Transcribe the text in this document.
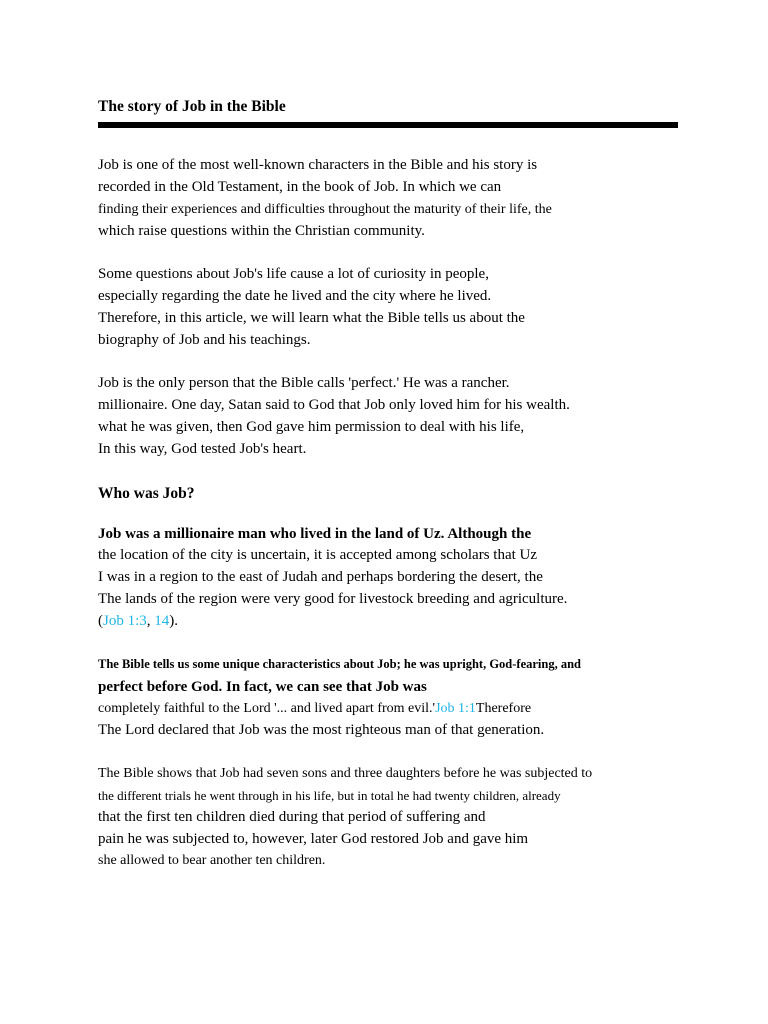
The story of Job in the Bible
Job is one of the most well-known characters in the Bible and his story is
recorded in the Old Testament, in the book of Job. In which we can
finding their experiences and difficulties throughout the maturity of their life, the
which raise questions within the Christian community.
Some questions about Job's life cause a lot of curiosity in people,
especially regarding the date he lived and the city where he lived.
Therefore, in this article, we will learn what the Bible tells us about the
biography of Job and his teachings.
Job is the only person that the Bible calls 'perfect.' He was a rancher.
millionaire. One day, Satan said to God that Job only loved him for his wealth.
what he was given, then God gave him permission to deal with his life,
In this way, God tested Job's heart.
Who was Job?
Job was a millionaire man who lived in the land of Uz. Although the
the location of the city is uncertain, it is accepted among scholars that Uz
I was in a region to the east of Judah and perhaps bordering the desert, the
The lands of the region were very good for livestock breeding and agriculture.
(Job 1:3, 14).
The Bible tells us some unique characteristics about Job; he was upright, God-fearing, and
perfect before God. In fact, we can see that Job was
completely faithful to the Lord '... and lived apart from evil.'Job 1:1Therefore
The Lord declared that Job was the most righteous man of that generation.
The Bible shows that Job had seven sons and three daughters before he was subjected to
the different trials he went through in his life, but in total he had twenty children, already
that the first ten children died during that period of suffering and
pain he was subjected to, however, later God restored Job and gave him
she allowed to bear another ten children.
